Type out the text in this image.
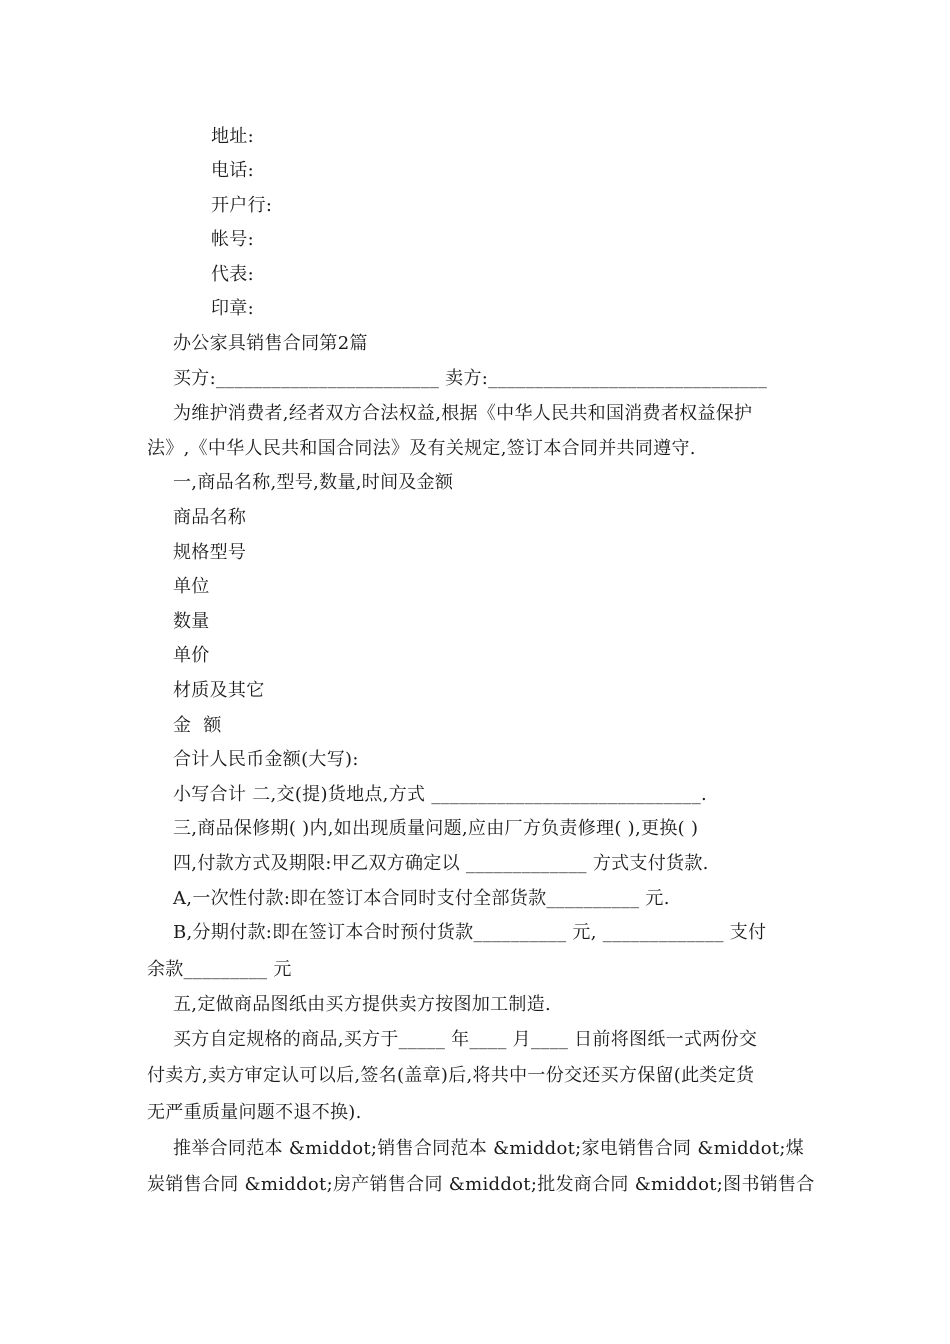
地址:
电话:
开户行:
帐号:
代表:
印章:
办公家具销售合同第2篇
买方:________________________ 卖方:______________________________
为维护消费者,经者双方合法权益,根据《中华人民共和国消费者权益保护
法》,《中华人民共和国合同法》及有关规定,签订本合同并共同遵守.
一,商品名称,型号,数量,时间及金额
商品名称
规格型号
单位
数量
单价
材质及其它
金  额
合计人民币金额(大写):
小写合计 二,交(提)货地点,方式 _____________________________.
三,商品保修期( )内,如出现质量问题,应由厂方负责修理( ),更换( )
四,付款方式及期限:甲乙双方确定以 _____________ 方式支付货款.
A,一次性付款:即在签订本合同时支付全部货款__________ 元.
B,分期付款:即在签订本合时预付货款__________ 元, _____________ 支付
余款_________ 元
五,定做商品图纸由买方提供卖方按图加工制造.
买方自定规格的商品,买方于_____ 年____ 月____ 日前将图纸一式两份交
付卖方,卖方审定认可以后,签名(盖章)后,将共中一份交还买方保留(此类定货
无严重质量问题不退不换).
推举合同范本 &middot;销售合同范本 &middot;家电销售合同 &middot;煤
炭销售合同 &middot;房产销售合同 &middot;批发商合同 &middot;图书销售合
